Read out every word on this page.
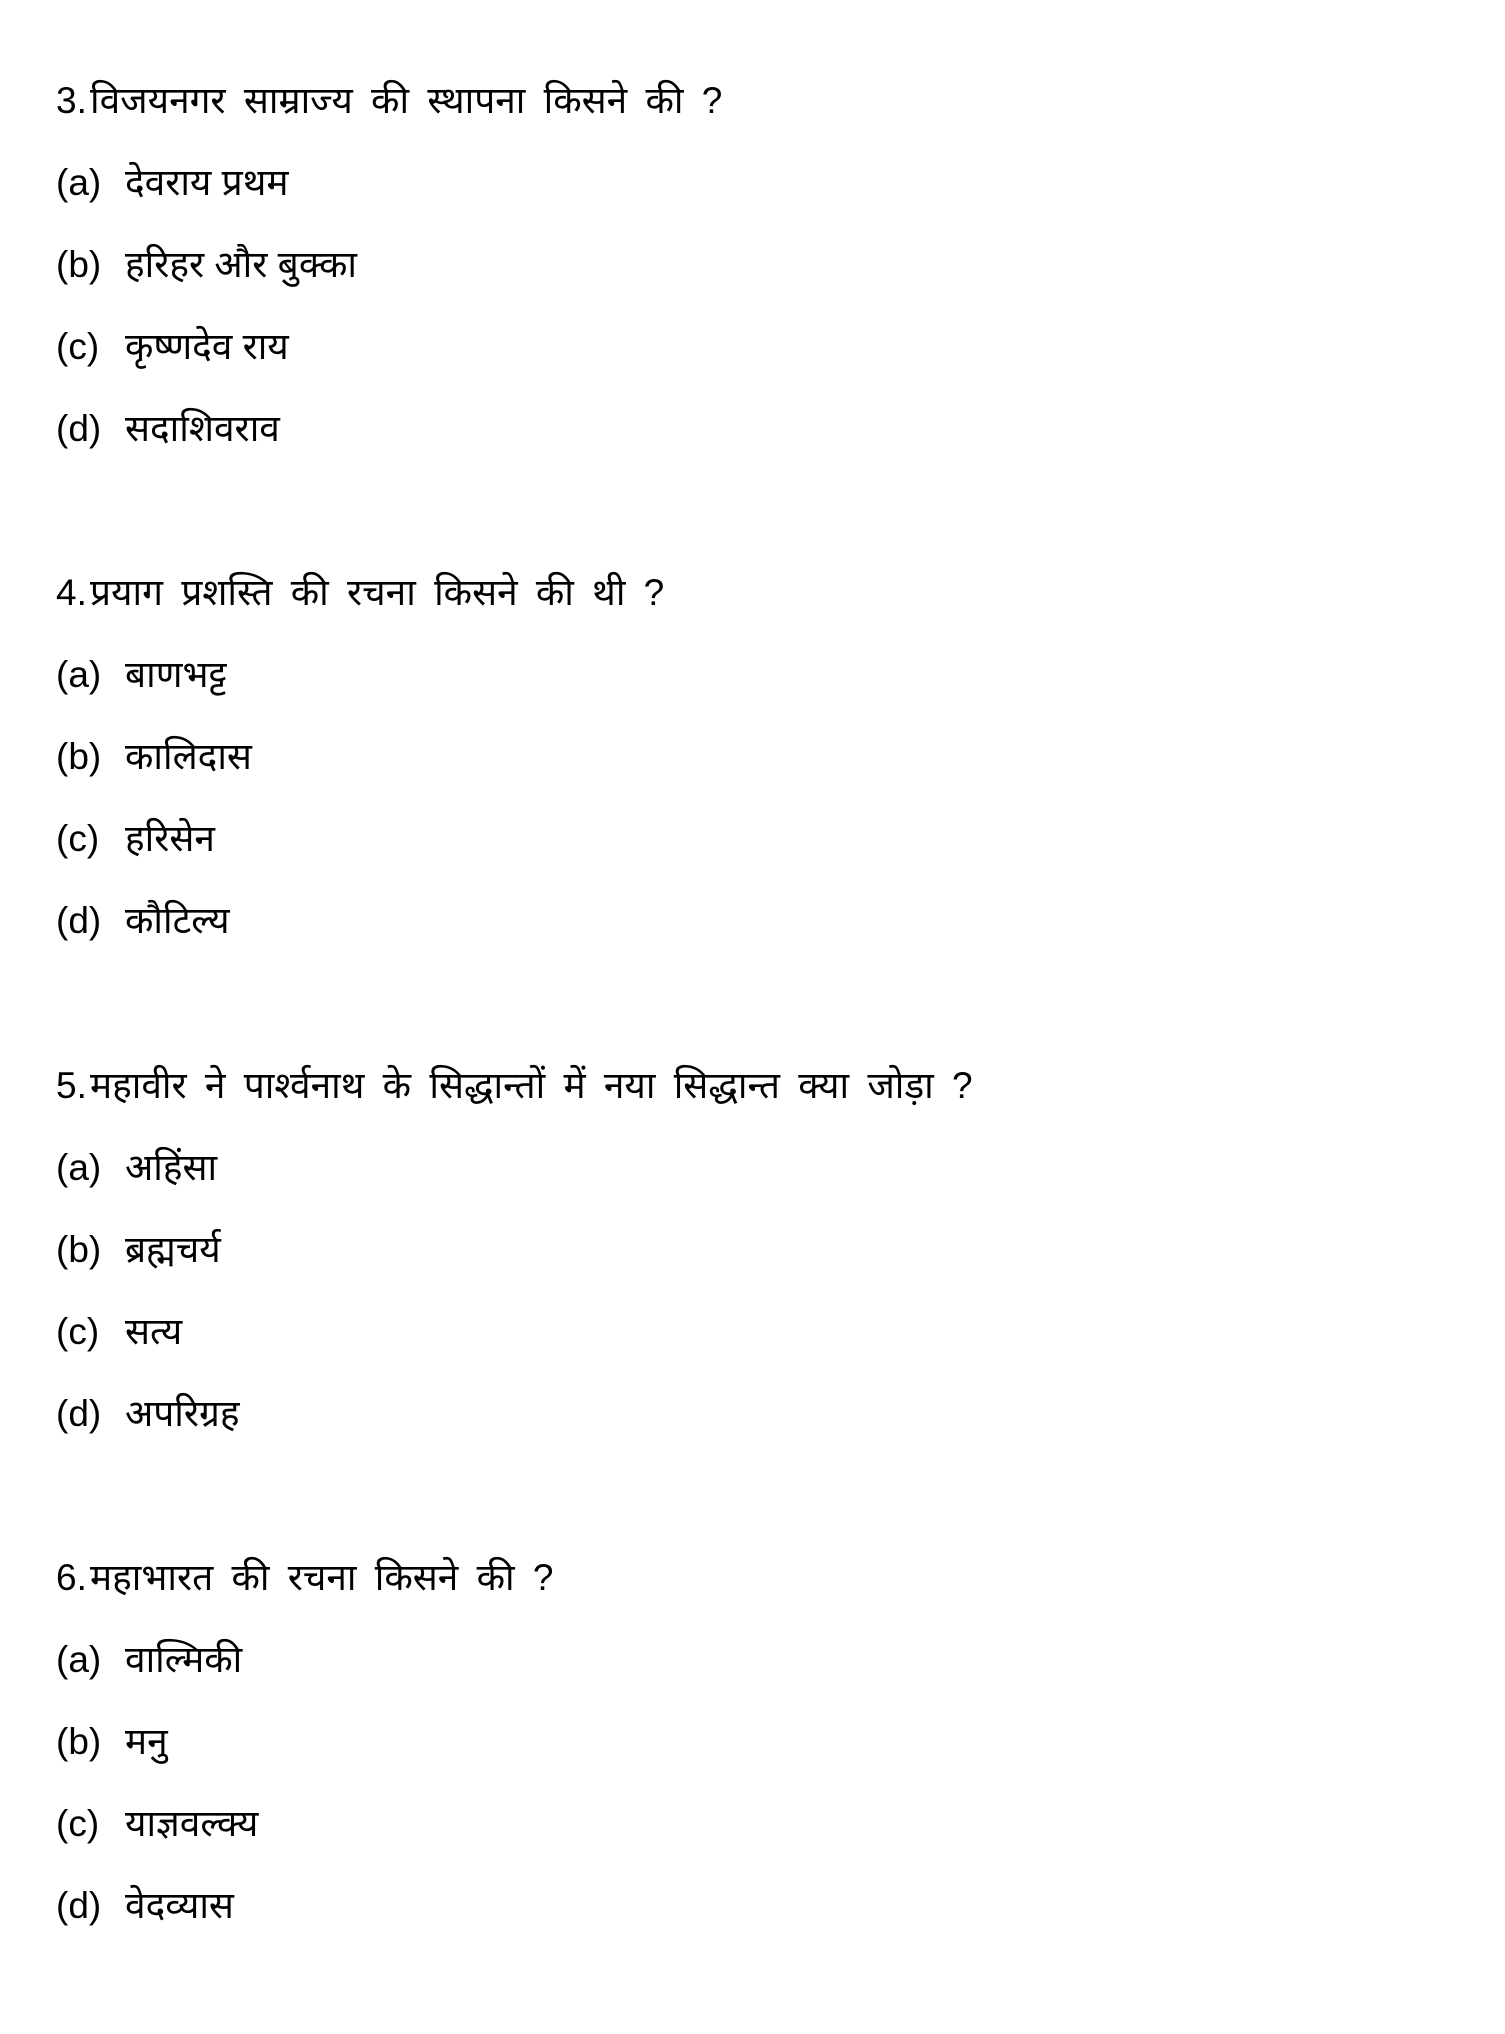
3.विजयनगर साम्राज्य की स्थापना किसने की ?
(a) देवराय प्रथम
(b) हरिहर और बुक्का
(c) कृष्णदेव राय
(d) सदाशिवराव
4.प्रयाग प्रशस्ति की रचना किसने की थी ?
(a) बाणभट्ट
(b) कालिदास
(c) हरिसेन
(d) कौटिल्य
5.महावीर ने पार्श्वनाथ के सिद्धान्तों में नया सिद्धान्त क्या जोड़ा ?
(a) अहिंसा
(b) ब्रह्मचर्य
(c) सत्य
(d) अपरिग्रह
6.महाभारत की रचना किसने की ?
(a) वाल्मिकी
(b) मनु
(c) याज्ञवल्क्य
(d) वेदव्यास
